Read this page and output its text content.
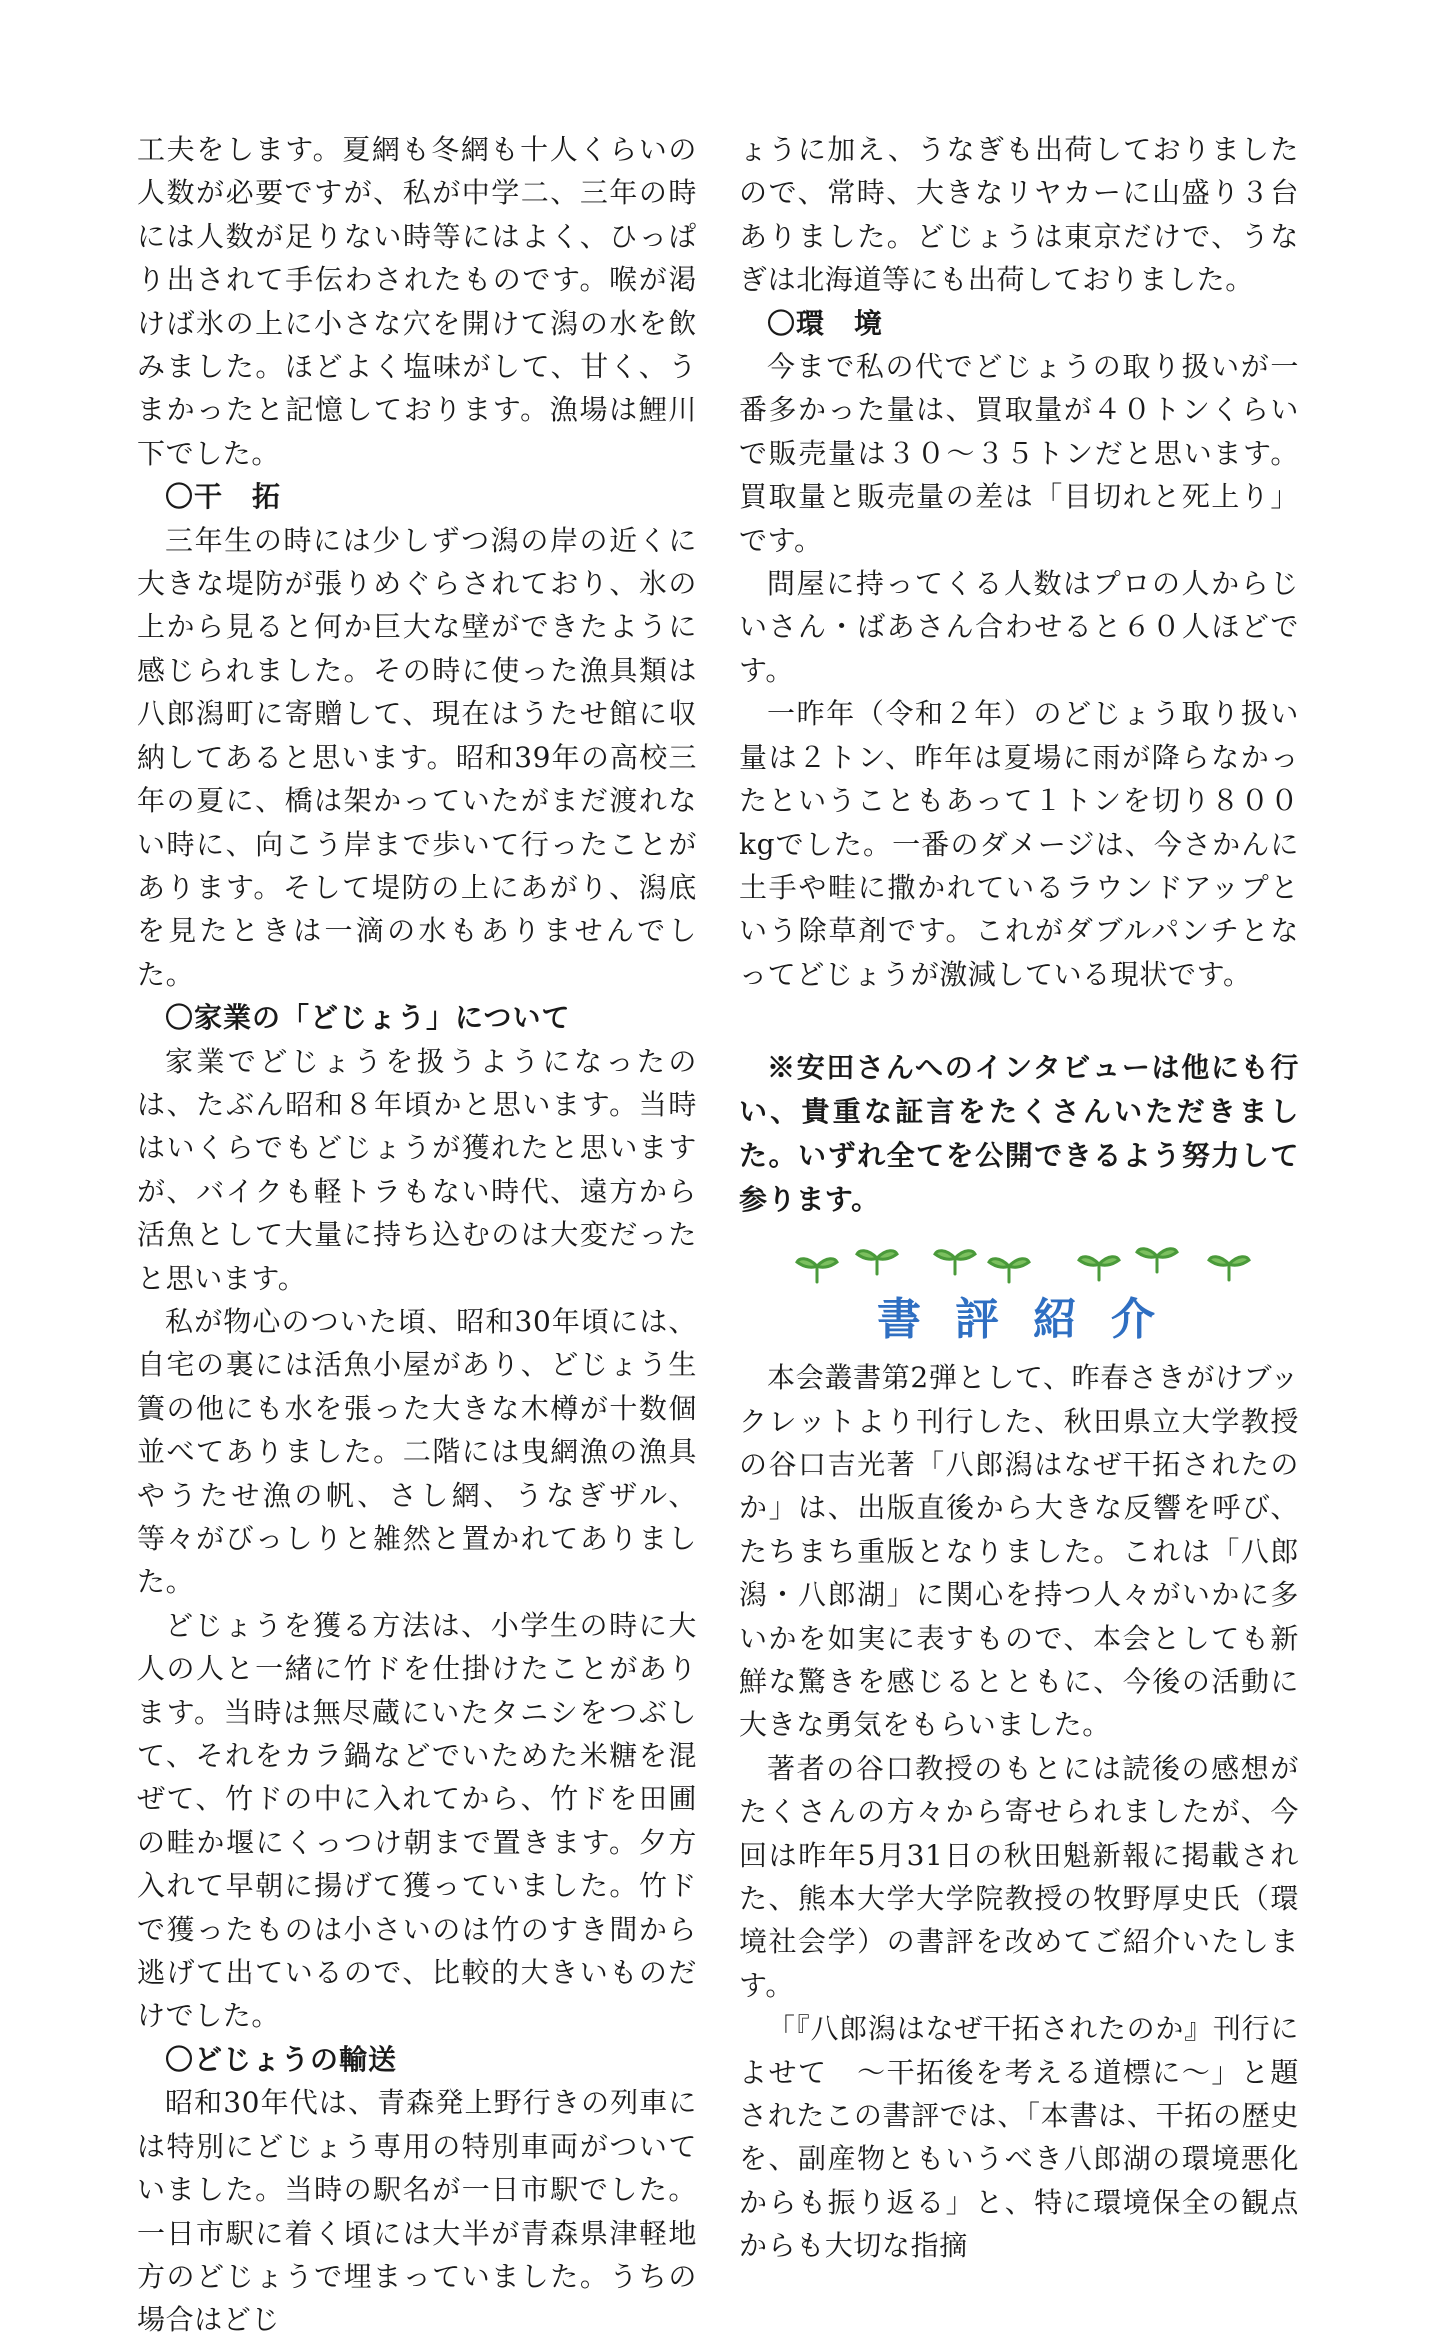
工夫をします。夏網も冬網も十人くらいの人数が必要ですが、私が中学二、三年の時には人数が足りない時等にはよく、ひっぱり出されて手伝わされたものです。喉が渇けば氷の上に小さな穴を開けて潟の水を飲みました。ほどよく塩味がして、甘く、うまかったと記憶しております。漁場は鯉川下でした。

〇干　拓

三年生の時には少しずつ潟の岸の近くに大きな堤防が張りめぐらされており、氷の上から見ると何か巨大な壁ができたように感じられました。その時に使った漁具類は八郎潟町に寄贈して、現在はうたせ館に収納してあると思います。昭和39年の高校三年の夏に、橋は架かっていたがまだ渡れない時に、向こう岸まで歩いて行ったことがあります。そして堤防の上にあがり、潟底を見たときは一滴の水もありませんでした。

〇家業の「どじょう」について

家業でどじょうを扱うようになったのは、たぶん昭和８年頃かと思います。当時はいくらでもどじょうが獲れたと思いますが、バイクも軽トラもない時代、遠方から活魚として大量に持ち込むのは大変だったと思います。

私が物心のついた頃、昭和30年頃には、自宅の裏には活魚小屋があり、どじょう生簀の他にも水を張った大きな木樽が十数個並べてありました。二階には曳網漁の漁具やうたせ漁の帆、さし網、うなぎザル、等々がびっしりと雑然と置かれてありました。

どじょうを獲る方法は、小学生の時に大人の人と一緒に竹ドを仕掛けたことがあります。当時は無尽蔵にいたタニシをつぶして、それをカラ鍋などでいためた米糖を混ぜて、竹ドの中に入れてから、竹ドを田圃の畦か堰にくっつけ朝まで置きます。夕方入れて早朝に揚げて獲っていました。竹ドで獲ったものは小さいのは竹のすき間から逃げて出ているので、比較的大きいものだけでした。

〇どじょうの輸送

昭和30年代は、青森発上野行きの列車には特別にどじょう専用の特別車両がついていました。当時の駅名が一日市駅でした。一日市駅に着く頃には大半が青森県津軽地方のどじょうで埋まっていました。うちの場合はどじ

ょうに加え、うなぎも出荷しておりましたので、常時、大きなリヤカーに山盛り３台ありました。どじょうは東京だけで、うなぎは北海道等にも出荷しておりました。

〇環　境

今まで私の代でどじょうの取り扱いが一番多かった量は、買取量が４０トンくらいで販売量は３０～３５トンだと思います。買取量と販売量の差は「目切れと死上り」です。

問屋に持ってくる人数はプロの人からじいさん・ばあさん合わせると６０人ほどです。

一昨年（令和２年）のどじょう取り扱い量は２トン、昨年は夏場に雨が降らなかったということもあって１トンを切り８００kgでした。一番のダメージは、今さかんに土手や畦に撒かれているラウンドアップという除草剤です。これがダブルパンチとなってどじょうが激減している現状です。

※安田さんへのインタビューは他にも行い、貴重な証言をたくさんいただきました。いずれ全てを公開できるよう努力して参ります。

書評紹介

本会叢書第2弾として、昨春さきがけブックレットより刊行した、秋田県立大学教授の谷口吉光著「八郎潟はなぜ干拓されたのか」は、出版直後から大きな反響を呼び、たちまち重版となりました。これは「八郎潟・八郎湖」に関心を持つ人々がいかに多いかを如実に表すもので、本会としても新鮮な驚きを感じるとともに、今後の活動に大きな勇気をもらいました。

著者の谷口教授のもとには読後の感想がたくさんの方々から寄せられましたが、今回は昨年5月31日の秋田魁新報に掲載された、熊本大学大学院教授の牧野厚史氏（環境社会学）の書評を改めてご紹介いたします。

「『八郎潟はなぜ干拓されたのか』刊行によせて　～干拓後を考える道標に～」と題されたこの書評では、「本書は、干拓の歴史を、副産物ともいうべき八郎湖の環境悪化からも振り返る」と、特に環境保全の観点からも大切な指摘
